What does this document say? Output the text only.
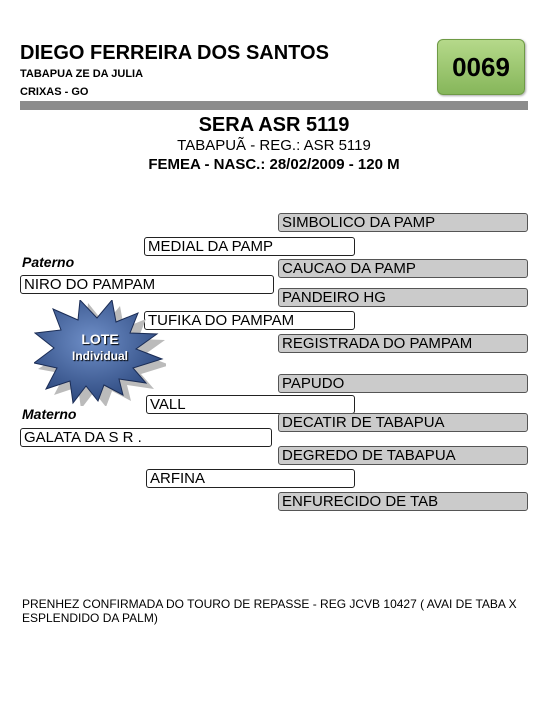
DIEGO FERREIRA DOS SANTOS
TABAPUA ZE DA JULIA
CRIXAS - GO
0069
SERA ASR 5119
TABAPUÃ - REG.: ASR 5119
FEMEA - NASC.: 28/02/2009 - 120 M
SIMBOLICO DA PAMP
MEDIAL DA PAMP
Paterno	CAUCAO DA PAMP
NIRO DO PAMPAM
PANDEIRO HG
TUFIKA DO PAMPAM
REGISTRADA DO PAMPAM
LOTE
Individual
PAPUDO
VALL
Materno	DECATIR DE TABAPUA
GALATA DA S R .
DEGREDO DE TABAPUA
ARFINA
ENFURECIDO DE TAB
PRENHEZ CONFIRMADA DO TOURO DE REPASSE - REG JCVB 10427 ( AVAI DE TABA X ESPLENDIDO DA PALM)
